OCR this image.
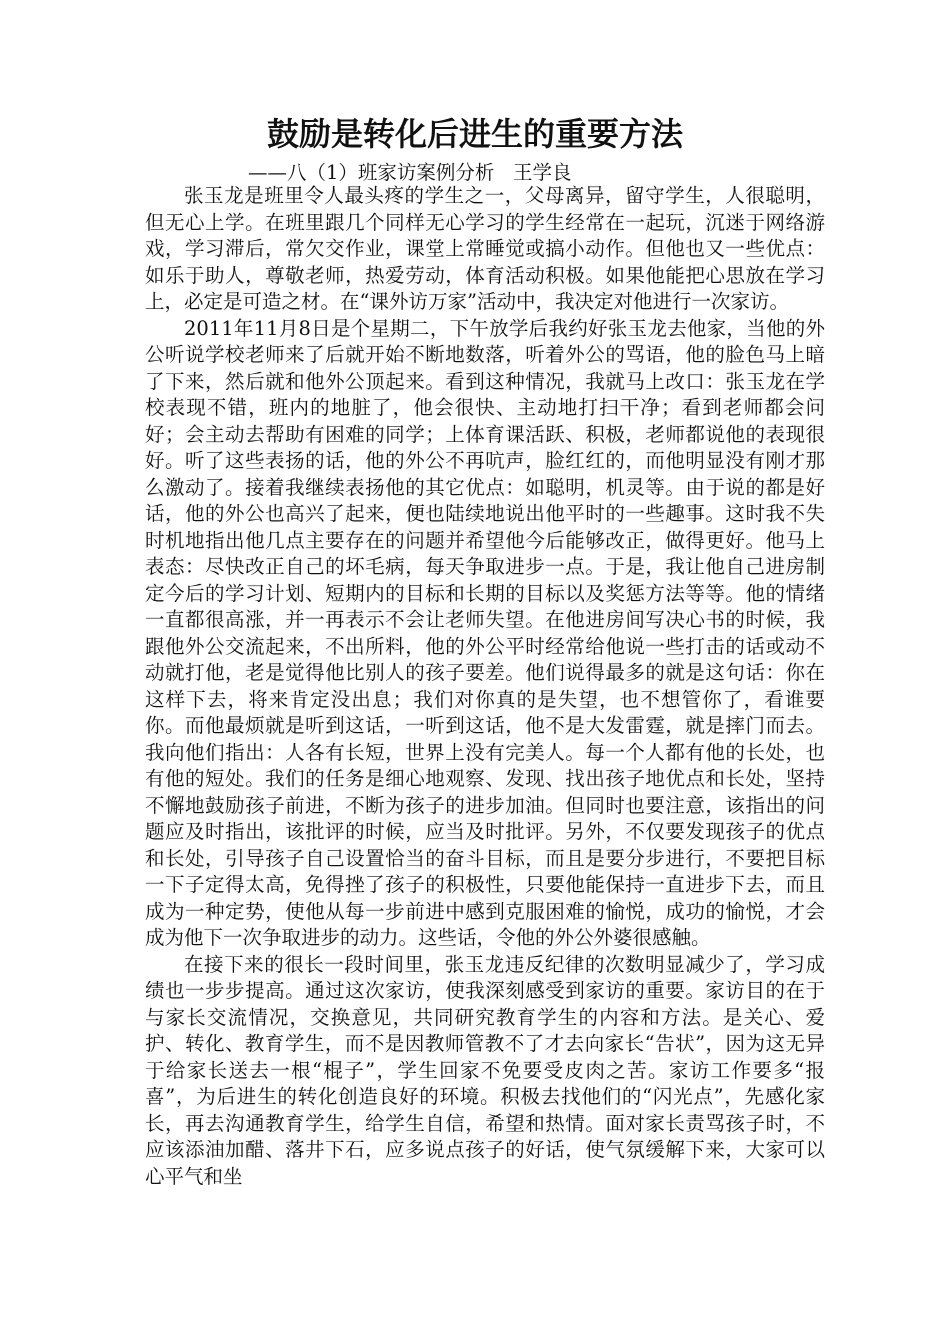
鼓励是转化后进生的重要方法
——八（1）班家访案例分析   王学良

张玉龙是班里令人最头疼的学生之一，父母离异，留守学生，人很聪明，但无心上学。在班里跟几个同样无心学习的学生经常在一起玩，沉迷于网络游戏，学习滞后，常欠交作业，课堂上常睡觉或搞小动作。但他也又一些优点：如乐于助人，尊敬老师，热爱劳动，体育活动积极。如果他能把心思放在学习上，必定是可造之材。在“课外访万家”活动中，我决定对他进行一次家访。

2011年11月8日是个星期二，下午放学后我约好张玉龙去他家，当他的外公听说学校老师来了后就开始不断地数落，听着外公的骂语，他的脸色马上暗了下来，然后就和他外公顶起来。看到这种情况，我就马上改口：张玉龙在学校表现不错，班内的地脏了，他会很快、主动地打扫干净；看到老师都会问好；会主动去帮助有困难的同学；上体育课活跃、积极，老师都说他的表现很好。听了这些表扬的话，他的外公不再吭声，脸红红的，而他明显没有刚才那么激动了。接着我继续表扬他的其它优点：如聪明，机灵等。由于说的都是好话，他的外公也高兴了起来，便也陆续地说出他平时的一些趣事。这时我不失时机地指出他几点主要存在的问题并希望他今后能够改正，做得更好。他马上表态：尽快改正自己的坏毛病，每天争取进步一点。于是，我让他自己进房制定今后的学习计划、短期内的目标和长期的目标以及奖惩方法等等。他的情绪一直都很高涨，并一再表示不会让老师失望。在他进房间写决心书的时候，我跟他外公交流起来，不出所料，他的外公平时经常给他说一些打击的话或动不动就打他，老是觉得他比别人的孩子要差。他们说得最多的就是这句话：你在这样下去，将来肯定没出息；我们对你真的是失望，也不想管你了，看谁要你。而他最烦就是听到这话，一听到这话，他不是大发雷霆，就是摔门而去。我向他们指出：人各有长短，世界上没有完美人。每一个人都有他的长处，也有他的短处。我们的任务是细心地观察、发现、找出孩子地优点和长处，坚持不懈地鼓励孩子前进，不断为孩子的进步加油。但同时也要注意，该指出的问题应及时指出，该批评的时候，应当及时批评。另外，不仅要发现孩子的优点和长处，引导孩子自己设置恰当的奋斗目标，而且是要分步进行，不要把目标一下子定得太高，免得挫了孩子的积极性，只要他能保持一直进步下去，而且成为一种定势，使他从每一步前进中感到克服困难的愉悦，成功的愉悦，才会成为他下一次争取进步的动力。这些话，令他的外公外婆很感触。

在接下来的很长一段时间里，张玉龙违反纪律的次数明显减少了，学习成绩也一步步提高。通过这次家访，使我深刻感受到家访的重要。家访目的在于与家长交流情况，交换意见，共同研究教育学生的内容和方法。是关心、爱护、转化、教育学生，而不是因教师管教不了才去向家长“告状”，因为这无异于给家长送去一根“棍子”，学生回家不免要受皮肉之苦。家访工作要多“报喜”，为后进生的转化创造良好的环境。积极去找他们的“闪光点”，先感化家长，再去沟通教育学生，给学生自信，希望和热情。面对家长责骂孩子时，不应该添油加醋、落井下石，应多说点孩子的好话，使气氛缓解下来，大家可以心平气和坐
